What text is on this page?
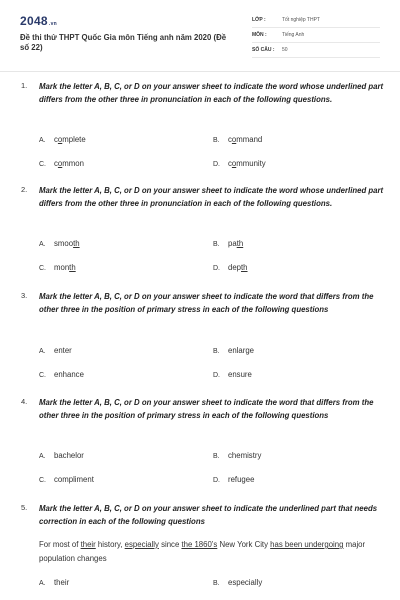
2048.vn
Đề thi thử THPT Quốc Gia môn Tiếng anh năm 2020 (Đề số 22)
LỚP :	Tốt nghiệp THPT
MÔN :	Tiếng Anh
SỐ CÂU :	50
1. Mark the letter A, B, C, or D on your answer sheet to indicate the word whose underlined part differs from the other three in pronunciation in each of the following questions.
A. complete	B. command
C. common	D. community
2. Mark the letter A, B, C, or D on your answer sheet to indicate the word whose underlined part differs from the other three in pronunciation in each of the following questions.
A. smooth	B. path
C. month	D. depth
3. Mark the letter A, B, C, or D on your answer sheet to indicate the word that differs from the other three in the position of primary stress in each of the following questions
A. enter	B. enlarge
C. enhance	D. ensure
4. Mark the letter A, B, C, or D on your answer sheet to indicate the word that differs from the other three in the position of primary stress in each of the following questions
A. bachelor	B. chemistry
C. compliment	D. refugee
5. Mark the letter A, B, C, or D on your answer sheet to indicate the underlined part that needs correction in each of the following questions
For most of their history, especially since the 1860’s New York City has been undergoing major population changes
A. their	B. especially
